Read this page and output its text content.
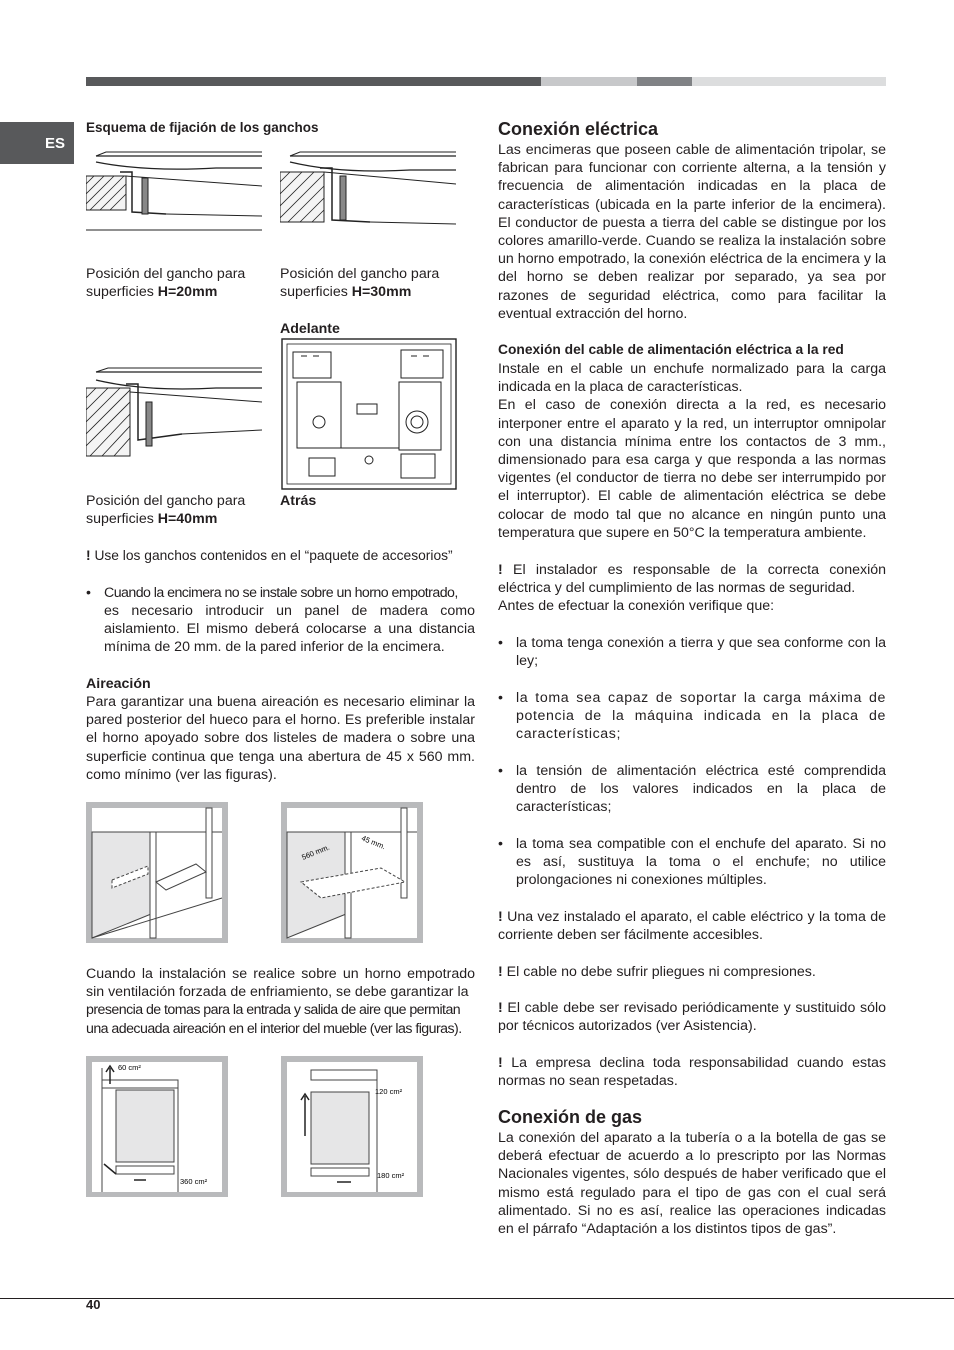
ES
Esquema de fijación de los ganchos
Posición del gancho para
superficies H=20mm
Posición del gancho para
superficies H=30mm
Adelante
Posición del gancho para
superficies H=40mm
Atrás
! Use los ganchos contenidos en el “paquete de accesorios”
• Cuando la encimera no se instale sobre un horno empotrado,
es necesario introducir un panel de madera como aislamiento. El mismo deberá colocarse a una distancia mínima de 20 mm. de la pared inferior de la encimera.
Aireación
Para garantizar una buena aireación es necesario eliminar la pared posterior del hueco para el horno. Es preferible instalar el horno apoyado sobre dos listeles de madera o sobre una superficie continua que tenga una abertura de 45 x 560 mm. como mínimo (ver las figuras).
560 mm.
45 mm.
Cuando la instalación se realice sobre un horno empotrado sin ventilación forzada de enfriamiento, se debe garantizar la
presencia de tomas para la entrada y salida de aire que permitan
una adecuada aireación en el interior del mueble (ver las figuras).
60 cm²
360 cm²
120 cm²
180 cm²
Conexión eléctrica
Las encimeras que poseen cable de alimentación tripolar, se fabrican para funcionar con corriente alterna, a la tensión y frecuencia de alimentación indicadas en la placa de características (ubicada en la parte inferior de la encimera). El conductor de puesta a tierra del cable se distingue por los colores amarillo-verde. Cuando se realiza la instalación sobre un horno empotrado, la conexión eléctrica de la encimera y la del horno se deben realizar por separado, ya sea por razones de seguridad eléctrica, como para facilitar la eventual extracción del horno.
Conexión del cable de alimentación eléctrica a la red
Instale en el cable un enchufe normalizado para la carga indicada en la placa de características.
En el caso de conexión directa a la red, es necesario interponer entre el aparato y la red, un interruptor omnipolar con una distancia mínima entre los contactos de 3 mm., dimensionado para esa carga y que responda a las normas vigentes (el conductor de tierra no debe ser interrumpido por el interruptor). El cable de alimentación eléctrica se debe colocar de modo tal que no alcance en ningún punto una temperatura que supere en 50°C la temperatura ambiente.
! El instalador es responsable de la correcta conexión eléctrica y del cumplimiento de las normas de seguridad.
Antes de efectuar la conexión verifique que:
• la toma tenga conexión a tierra y que sea conforme con la ley;
• la toma sea capaz de soportar la carga máxima de potencia de la máquina indicada en la placa de características;
• la tensión de alimentación eléctrica esté comprendida dentro de los valores indicados en la placa de características;
• la toma sea compatible con el enchufe del aparato. Si no es así, sustituya la toma o el enchufe; no utilice prolongaciones ni conexiones múltiples.
! Una vez instalado el aparato, el cable eléctrico y la toma de corriente deben ser fácilmente accesibles.
! El cable no debe sufrir pliegues ni compresiones.
! El cable debe ser revisado periódicamente y sustituido sólo por técnicos autorizados (ver Asistencia).
! La empresa declina toda responsabilidad cuando estas normas no sean respetadas.
Conexión de gas
La conexión del aparato a la tubería o a la botella de gas se deberá efectuar de acuerdo a lo prescripto por las Normas Nacionales vigentes, sólo después de haber verificado que el mismo está regulado para el tipo de gas con el cual será alimentado. Si no es así, realice las operaciones indicadas en el párrafo “Adaptación a los distintos tipos de gas”.
40
